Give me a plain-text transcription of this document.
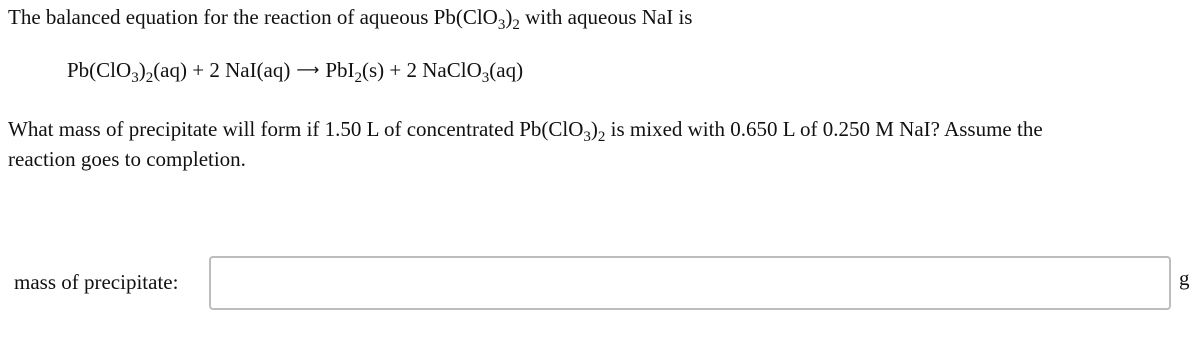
The balanced equation for the reaction of aqueous $Pb(ClO_3)_2$ with aqueous NaI is
$Pb(ClO_3)_2(aq) + 2$ NaI(aq) ⟶ PbI$_2$(s) + 2 NaClO$_3$(aq)
What mass of precipitate will form if 1.50 L of concentrated $Pb(ClO_3)_2$ is mixed with 0.650 L of 0.250 M NaI? Assume the
reaction goes to completion.
mass of precipitate:	g
